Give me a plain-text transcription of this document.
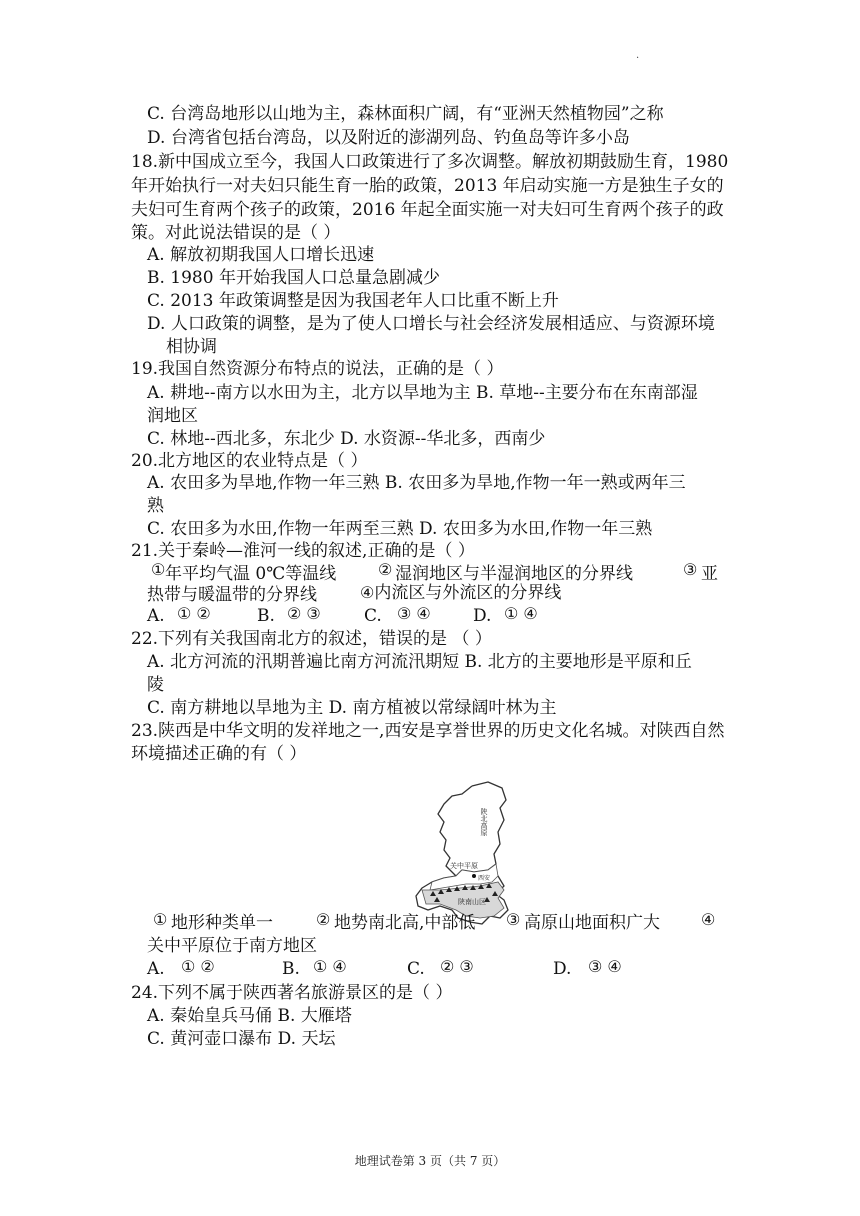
.
C. 台湾岛地形以山地为主，森林面积广阔，有“亚洲天然植物园”之称
D. 台湾省包括台湾岛，以及附近的澎湖列岛、钓鱼岛等许多小岛
18.新中国成立至今，我国人口政策进行了多次调整。解放初期鼓励生育，1980
年开始执行一对夫妇只能生育一胎的政策，2013 年启动实施一方是独生子女的
夫妇可生育两个孩子的政策，2016 年起全面实施一对夫妇可生育两个孩子的政
策。对此说法错误的是（ ）
A. 解放初期我国人口增长迅速
B. 1980 年开始我国人口总量急剧减少
C. 2013 年政策调整是因为我国老年人口比重不断上升
D. 人口政策的调整，是为了使人口增长与社会经济发展相适应、与资源环境
相协调
19.我国自然资源分布特点的说法，正确的是（ ）
A. 耕地--南方以水田为主，北方以旱地为主 B. 草地--主要分布在东南部湿
润地区
C. 林地--西北多，东北少 D. 水资源--华北多，西南少
20.北方地区的农业特点是（ ）
A. 农田多为旱地,作物一年三熟 B. 农田多为旱地,作物一年一熟或两年三
熟
C. 农田多为水田,作物一年两至三熟 D. 农田多为水田,作物一年三熟
21.关于秦岭—淮河一线的叙述,正确的是（ ）
① 年平均气温 0℃等温线	② 湿润地区与半湿润地区的分界线	③ 亚
热带与暖温带的分界线	④内流区与外流区的分界线
A. ① ②	B. ② ③	C. ③ ④ D. ① ④
22.下列有关我国南北方的叙述，错误的是 （ ）
A. 北方河流的汛期普遍比南方河流汛期短 B. 北方的主要地形是平原和丘
陵
C. 南方耕地以旱地为主 D. 南方植被以常绿阔叶林为主
23.陕西是中华文明的发祥地之一,西安是享誉世界的历史文化名城。对陕西自然
环境描述正确的有（ ）
陕北高原
关中平原
西安
陕南山区
① 地形种类单一	② 地势南北高,中部低 ③ 高原山地面积广大	④
关中平原位于南方地区
A. ① ②	B. ① ④	C. ② ③	D. ③ ④
24.下列不属于陕西著名旅游景区的是（ ）
A. 秦始皇兵马俑 B. 大雁塔
C. 黄河壶口瀑布 D. 天坛
地理试卷第 3 页（共 7 页）
